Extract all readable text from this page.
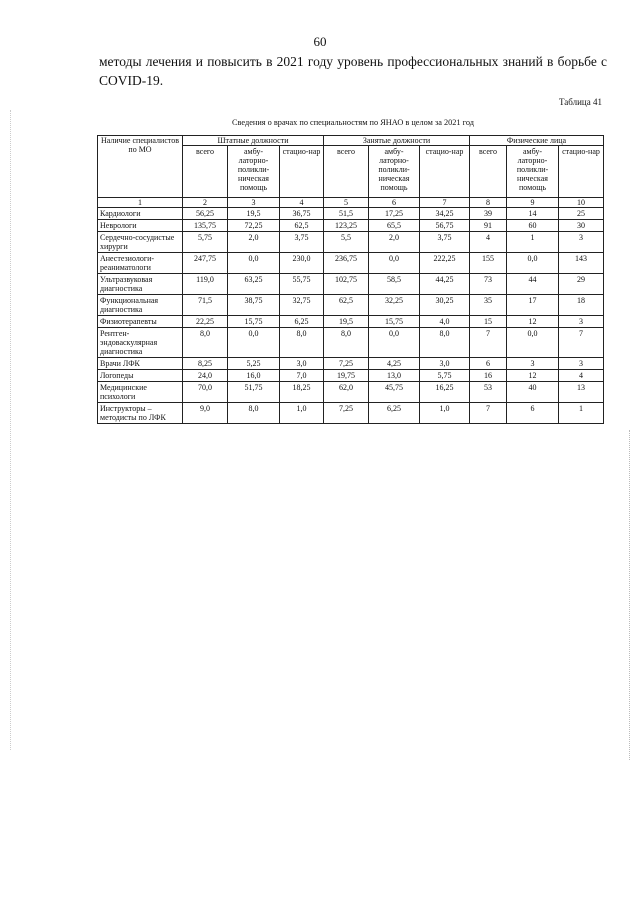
60
методы лечения и повысить в 2021 году уровень профессиональных знаний в борьбе с COVID-19.
Таблица 41
Сведения о врачах по специальностям по ЯНАО в целом за 2021 год
Наличие специалистов по МО	Штатные должности			Занятые должности			Физические лица		
	всего	амбу-латорно-поликли-ническая помощь	стацио-нар	всего	амбу-латорно-поликли-ническая помощь	стацио-нар	всего	амбу-латорно-поликли-ническая помощь	стацио-нар
1	2	3	4	5	6	7	8	9	10
Кардиологи	56,25	19,5	36,75	51,5	17,25	34,25	39	14	25
Неврологи	135,75	72,25	62,5	123,25	65,5	56,75	91	60	30
Сердечно-сосудистые хирурги	5,75	2,0	3,75	5,5	2,0	3,75	4	1	3
Анестезиологи-реаниматологи	247,75	0,0	230,0	236,75	0,0	222,25	155	0,0	143
Ультразвуковая диагностика	119,0	63,25	55,75	102,75	58,5	44,25	73	44	29
Функциональная диагностика	71,5	38,75	32,75	62,5	32,25	30,25	35	17	18
Физиотерапевты	22,25	15,75	6,25	19,5	15,75	4,0	15	12	3
Рентген-эндоваскулярная диагностика	8,0	0,0	8,0	8,0	0,0	8,0	7	0,0	7
Врачи ЛФК	8,25	5,25	3,0	7,25	4,25	3,0	6	3	3
Логопеды	24,0	16,0	7,0	19,75	13,0	5,75	16	12	4
Медицинские психологи	70,0	51,75	18,25	62,0	45,75	16,25	53	40	13
Инструкторы – методисты по ЛФК	9,0	8,0	1,0	7,25	6,25	1,0	7	6	1
